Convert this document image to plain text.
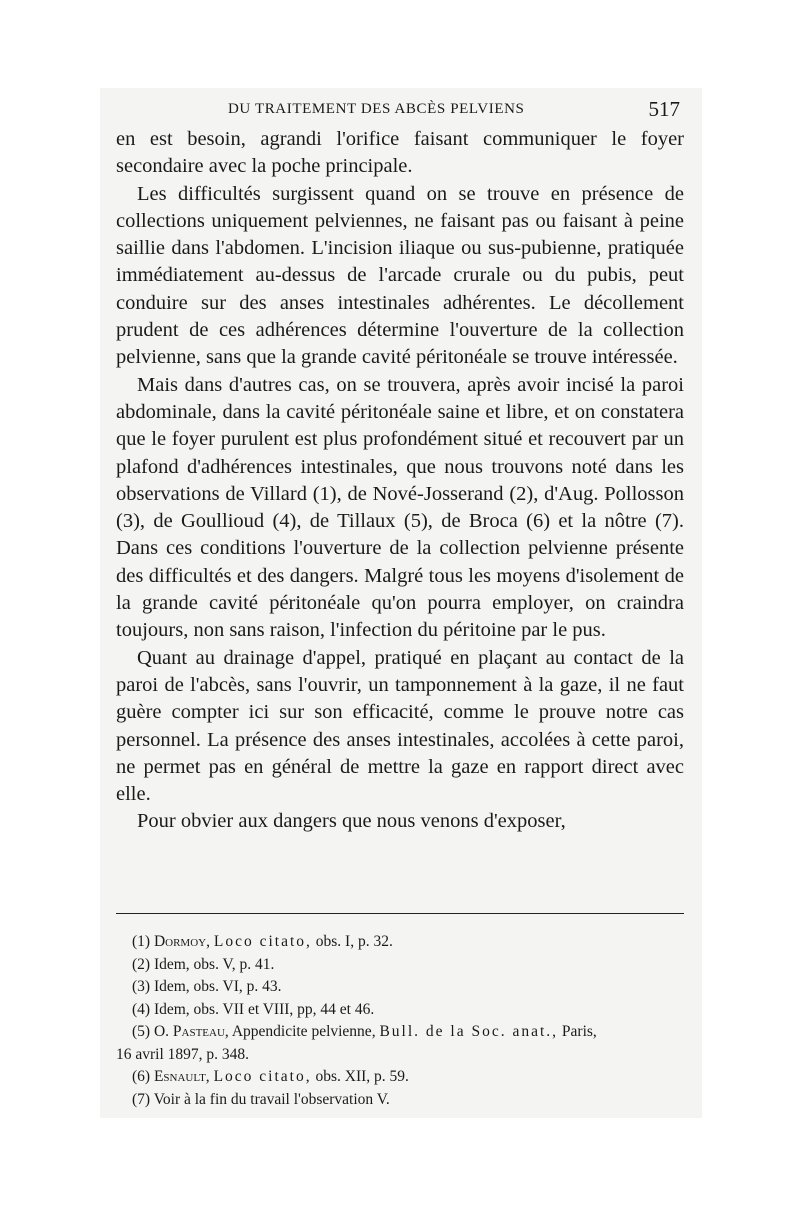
DU TRAITEMENT DES ABCÈS PELVIENS	517

en est besoin, agrandi l'orifice faisant communiquer le foyer secondaire avec la poche principale.

Les difficultés surgissent quand on se trouve en présence de collections uniquement pelviennes, ne faisant pas ou faisant à peine saillie dans l'abdomen. L'incision iliaque ou sus-pubienne, pratiquée immédiatement au-dessus de l'arcade crurale ou du pubis, peut conduire sur des anses intestinales adhérentes. Le décollement prudent de ces adhérences détermine l'ouverture de la collection pelvienne, sans que la grande cavité péritonéale se trouve intéressée.

Mais dans d'autres cas, on se trouvera, après avoir incisé la paroi abdominale, dans la cavité péritonéale saine et libre, et on constatera que le foyer purulent est plus profondément situé et recouvert par un plafond d'adhérences intestinales, que nous trouvons noté dans les observations de Villard (1), de Nové-Josserand (2), d'Aug. Pollosson (3), de Goullioud (4), de Tillaux (5), de Broca (6) et la nôtre (7). Dans ces conditions l'ouverture de la collection pelvienne présente des difficultés et des dangers. Malgré tous les moyens d'isolement de la grande cavité péritonéale qu'on pourra employer, on craindra toujours, non sans raison, l'infection du péritoine par le pus.

Quant au drainage d'appel, pratiqué en plaçant au contact de la paroi de l'abcès, sans l'ouvrir, un tamponnement à la gaze, il ne faut guère compter ici sur son efficacité, comme le prouve notre cas personnel. La présence des anses intestinales, accolées à cette paroi, ne permet pas en général de mettre la gaze en rapport direct avec elle.

Pour obvier aux dangers que nous venons d'exposer,

(1) Dormoy, Loco citato, obs. I, p. 32.

(2) Idem, obs. V, p. 41.

(3) Idem, obs. VI, p. 43.

(4) Idem, obs. VII et VIII, pp, 44 et 46.

(5) O. Pasteau, Appendicite pelvienne, Bull. de la Soc. anat., Paris,
16 avril 1897, p. 348.

(6) Esnault, Loco citato, obs. XII, p. 59.

(7) Voir à la fin du travail l'observation V.
